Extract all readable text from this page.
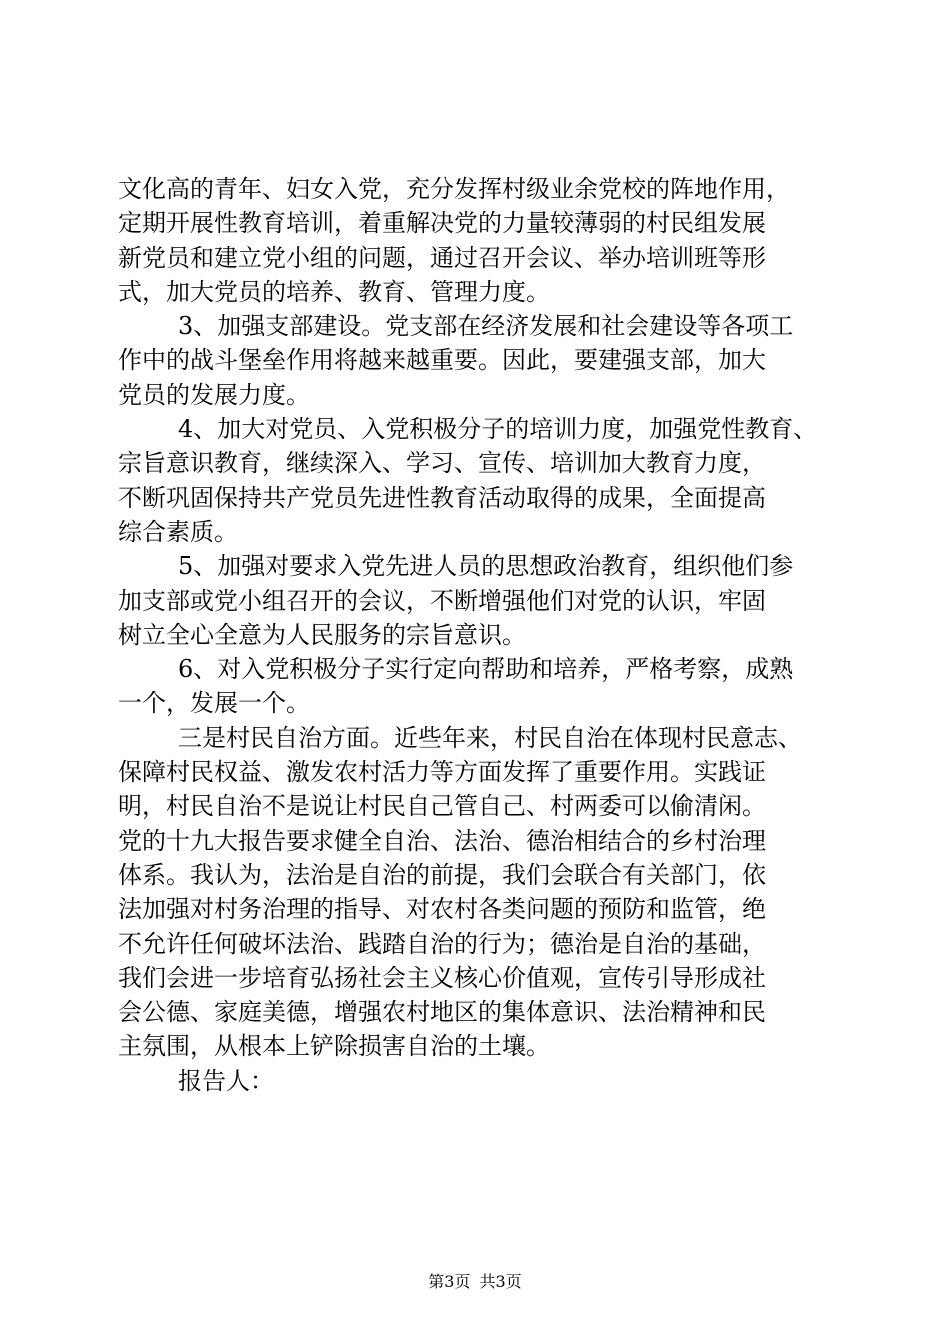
文化高的青年、妇女入党，充分发挥村级业余党校的阵地作用，
定期开展性教育培训，着重解决党的力量较薄弱的村民组发展
新党员和建立党小组的问题，通过召开会议、举办培训班等形
式，加大党员的培养、教育、管理力度。
3、加强支部建设。党支部在经济发展和社会建设等各项工
作中的战斗堡垒作用将越来越重要。因此，要建强支部，加大
党员的发展力度。
4、加大对党员、入党积极分子的培训力度，加强党性教育、
宗旨意识教育，继续深入、学习、宣传、培训加大教育力度，
不断巩固保持共产党员先进性教育活动取得的成果，全面提高
综合素质。
5、加强对要求入党先进人员的思想政治教育，组织他们参
加支部或党小组召开的会议，不断增强他们对党的认识，牢固
树立全心全意为人民服务的宗旨意识。
6、对入党积极分子实行定向帮助和培养，严格考察，成熟
一个，发展一个。
三是村民自治方面。近些年来，村民自治在体现村民意志、
保障村民权益、激发农村活力等方面发挥了重要作用。实践证
明，村民自治不是说让村民自己管自己、村两委可以偷清闲。
党的十九大报告要求健全自治、法治、德治相结合的乡村治理
体系。我认为，法治是自治的前提，我们会联合有关部门，依
法加强对村务治理的指导、对农村各类问题的预防和监管，绝
不允许任何破坏法治、践踏自治的行为；德治是自治的基础，
我们会进一步培育弘扬社会主义核心价值观，宣传引导形成社
会公德、家庭美德，增强农村地区的集体意识、法治精神和民
主氛围，从根本上铲除损害自治的土壤。
报告人：
第3页 共3页
